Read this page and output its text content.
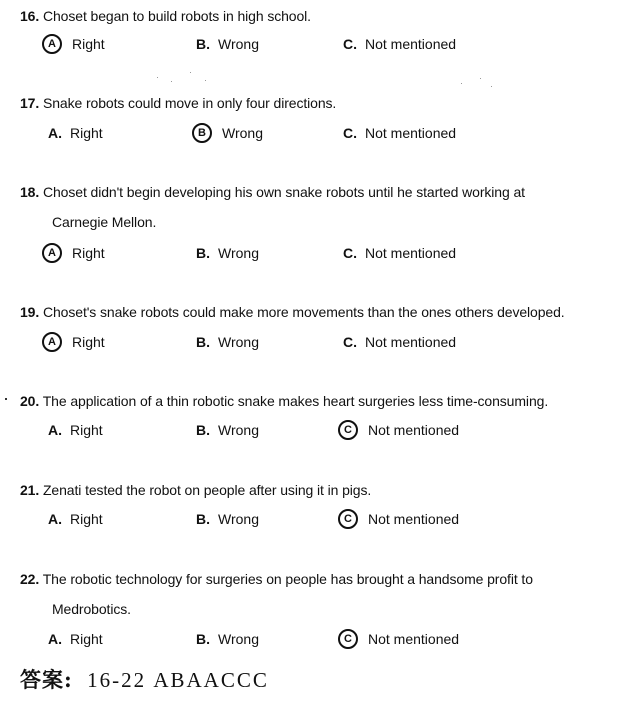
16. Choset began to build robots in high school.
A	Right	B. Wrong	C. Not mentioned
17. Snake robots could move in only four directions.
A. Right	B	Wrong	C. Not mentioned
18. Choset didn't begin developing his own snake robots until he started working at
Carnegie Mellon.
A	Right	B. Wrong	C. Not mentioned
19. Choset's snake robots could make more movements than the ones others developed.
A	Right	B. Wrong	C. Not mentioned
20. The application of a thin robotic snake makes heart surgeries less time-consuming.
A. Right	B. Wrong	C	Not mentioned
21. Zenati tested the robot on people after using it in pigs.
A. Right	B. Wrong	C	Not mentioned
22. The robotic technology for surgeries on people has brought a handsome profit to
Medrobotics.
A. Right	B. Wrong	C	Not mentioned
答案: 16-22 ABAACCC
